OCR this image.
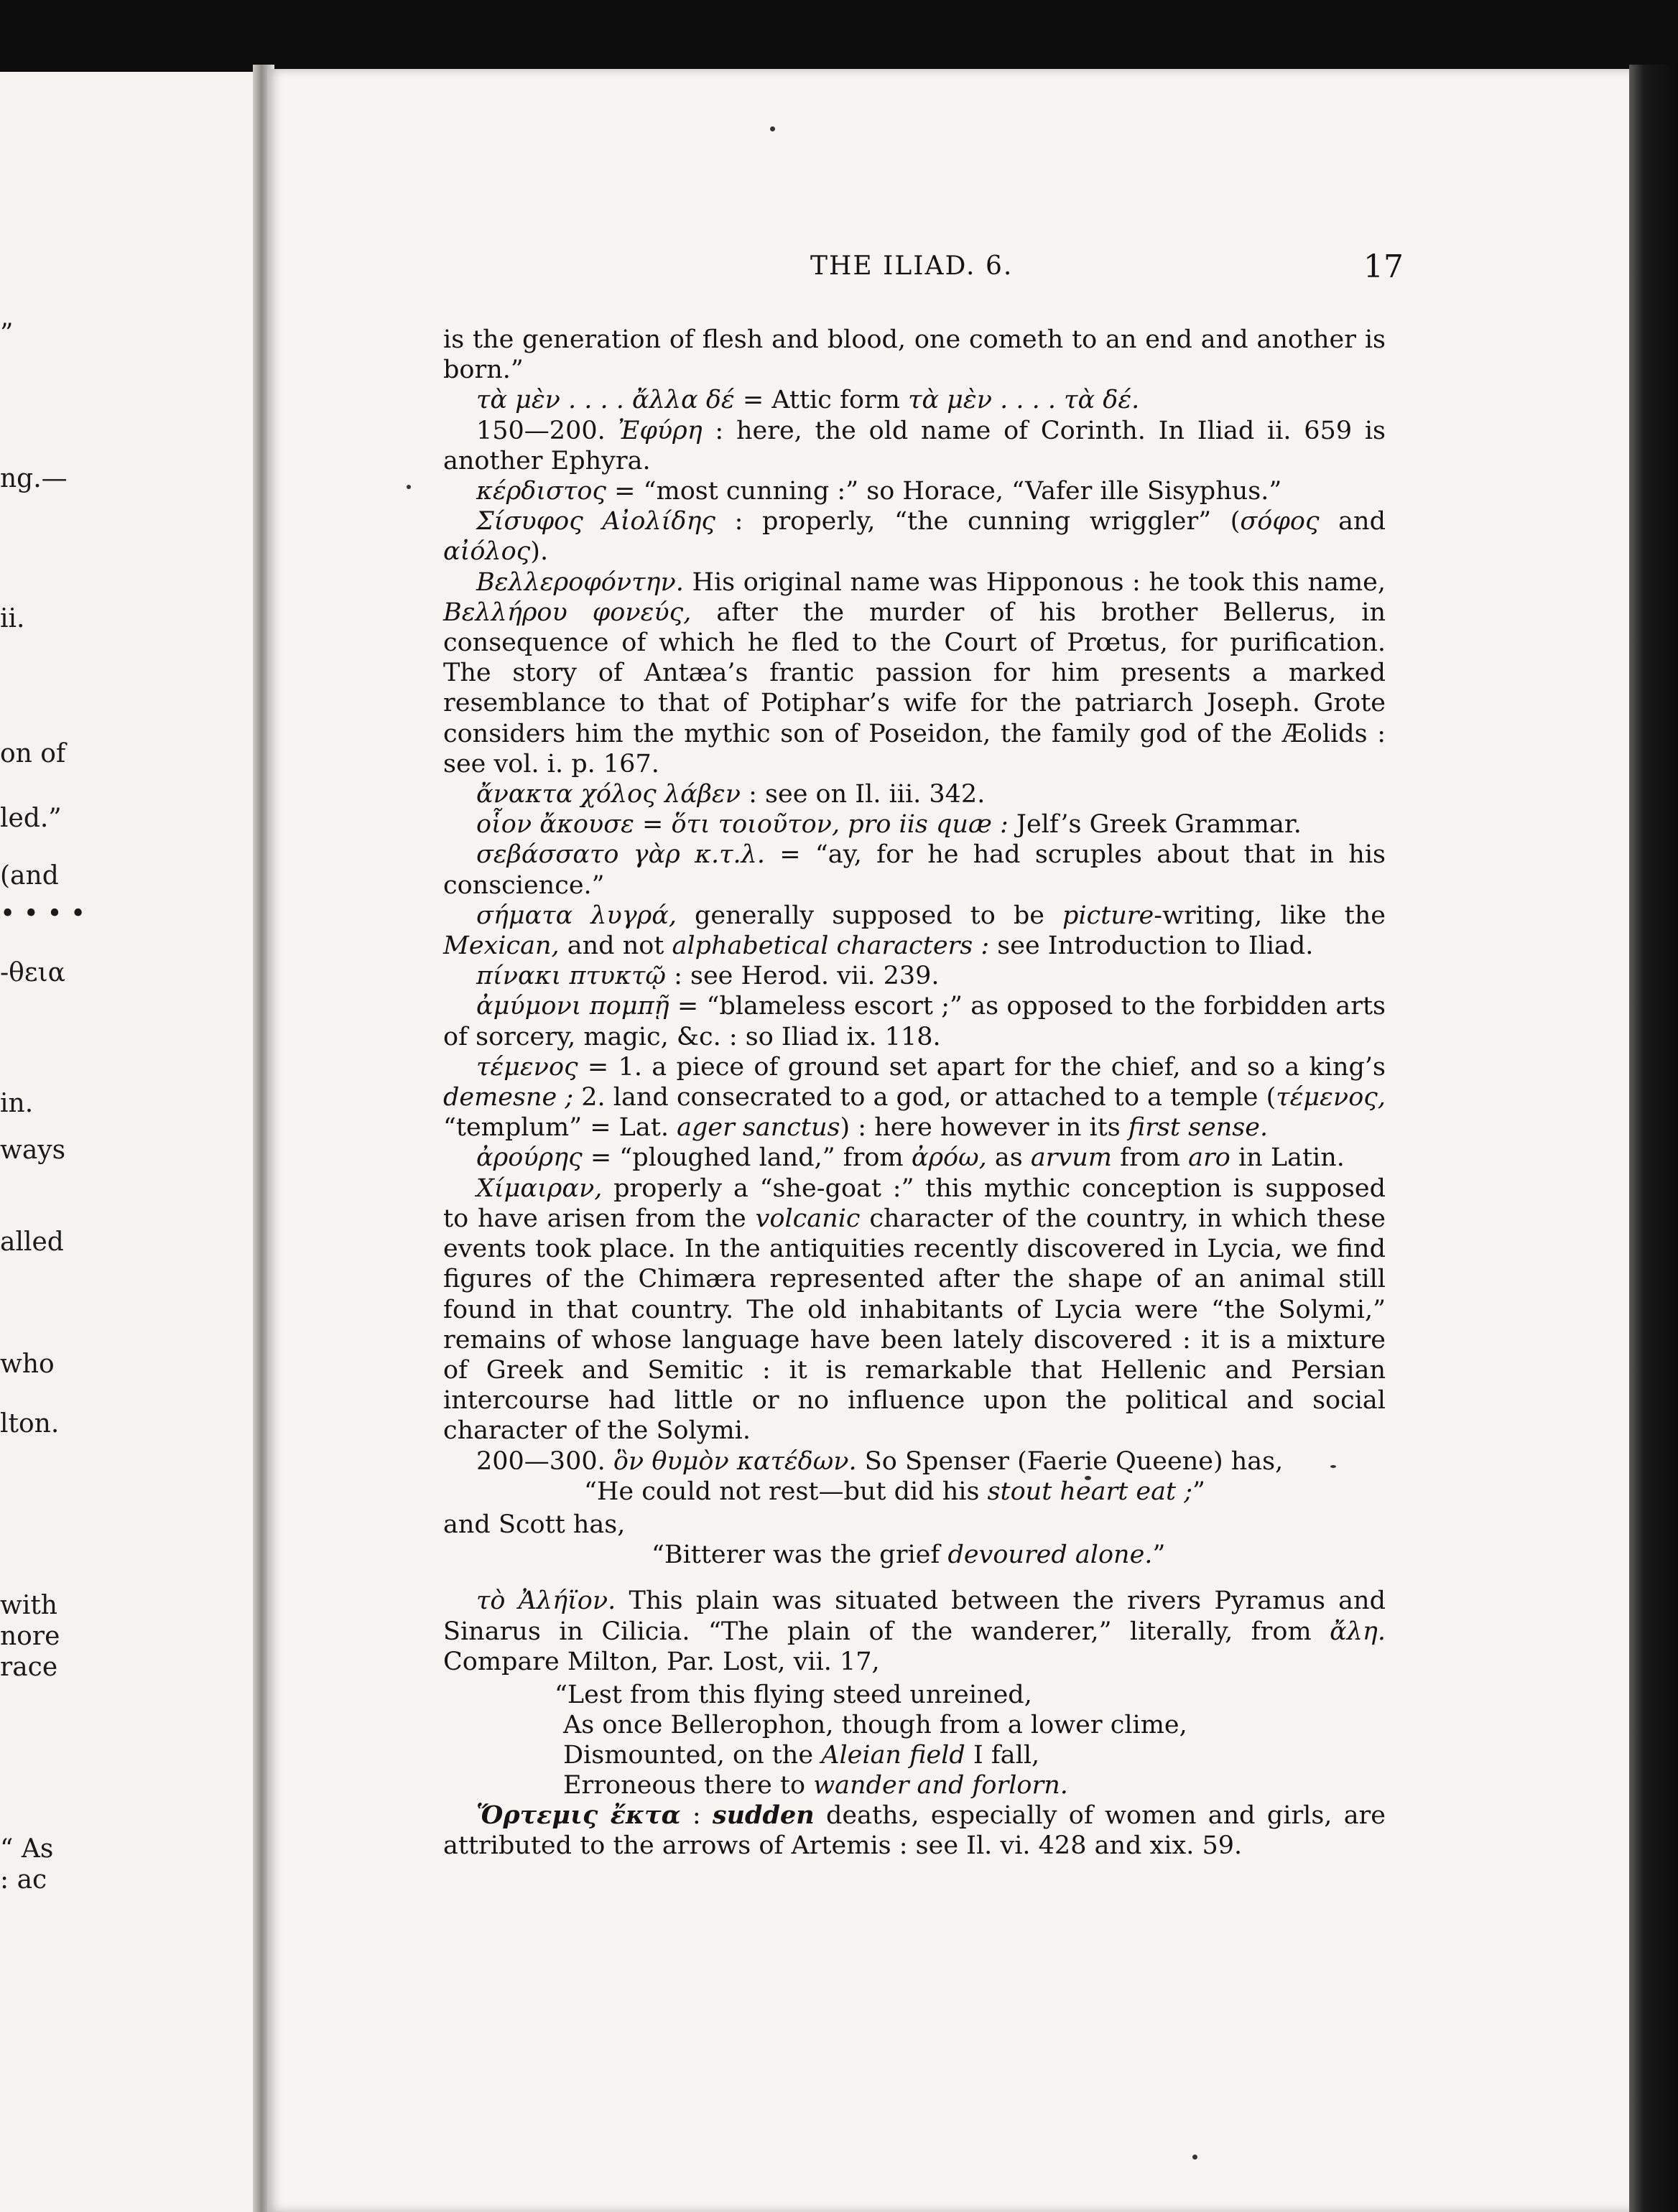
”
ng.—
ii.
on of
led.”
(and
• • • •
-θεια
in.
ways
alled
who
lton.
with
nore
race
“ As
: ac
THE ILIAD. 6.	17

is the generation of flesh and blood, one cometh to an end and another is born.”

τὰ μὲν . . . . ἄλλα δέ = Attic form τὰ μὲν . . . . τὰ δέ.

150—200. Ἐφύρη : here, the old name of Corinth. In Iliad ii. 659 is another Ephyra.

κέρδιστος = “most cunning :” so Horace, “Vafer ille Sisyphus.”

Σίσυφος Αἰολίδης : properly, “the cunning wriggler” (σόφος and αἰόλος).

Βελλεροφόντην. His original name was Hipponous : he took this name, Βελλήρου φονεύς, after the murder of his brother Bellerus, in consequence of which he fled to the Court of Prœtus, for purification. The story of Antæa’s frantic passion for him presents a marked resemblance to that of Potiphar’s wife for the patriarch Joseph. Grote considers him the mythic son of Poseidon, the family god of the Æolids : see vol. i. p. 167.

ἄνακτα χόλος λάβεν : see on Il. iii. 342.

οἷον ἄκουσε = ὅτι τοιοῦτον, pro iis quæ : Jelf’s Greek Grammar.

σεβάσσατο γὰρ κ.τ.λ. = “ay, for he had scruples about that in his conscience.”

σήματα λυγρά, generally supposed to be picture-writing, like the Mexican, and not alphabetical characters : see Introduction to Iliad.

πίνακι πτυκτῷ : see Herod. vii. 239.

ἀμύμονι πομπῇ = “blameless escort ;” as opposed to the forbidden arts of sorcery, magic, &c. : so Iliad ix. 118.

τέμενος = 1. a piece of ground set apart for the chief, and so a king’s demesne ; 2. land consecrated to a god, or attached to a temple (τέμενος, “templum” = Lat. ager sanctus) : here however in its first sense.

ἀρούρης = “ploughed land,” from ἀρόω, as arvum from aro in Latin.

Χίμαιραν, properly a “she-goat :” this mythic conception is supposed to have arisen from the volcanic character of the country, in which these events took place. In the antiquities recently discovered in Lycia, we find figures of the Chimæra represented after the shape of an animal still found in that country. The old inhabitants of Lycia were “the Solymi,” remains of whose language have been lately discovered : it is a mixture of Greek and Semitic : it is remarkable that Hellenic and Persian intercourse had little or no influence upon the political and social character of the Solymi.

200—300. ὃν θυμὸν κατέδων. So Spenser (Faerie Queene) has,

“He could not rest—but did his stout heart eat ;”

and Scott has,

“Bitterer was the grief devoured alone.”

τὸ Ἀλήϊον. This plain was situated between the rivers Pyramus and Sinarus in Cilicia. “The plain of the wanderer,” literally, from ἄλη. Compare Milton, Par. Lost, vii. 17,

“Lest from this flying steed unreined,
As once Bellerophon, though from a lower clime,
Dismounted, on the Aleian field I fall,
Erroneous there to wander and forlorn.

Ὅρτεμις ἔκτα : sudden deaths, especially of women and girls, are attributed to the arrows of Artemis : see Il. vi. 428 and xix. 59.
